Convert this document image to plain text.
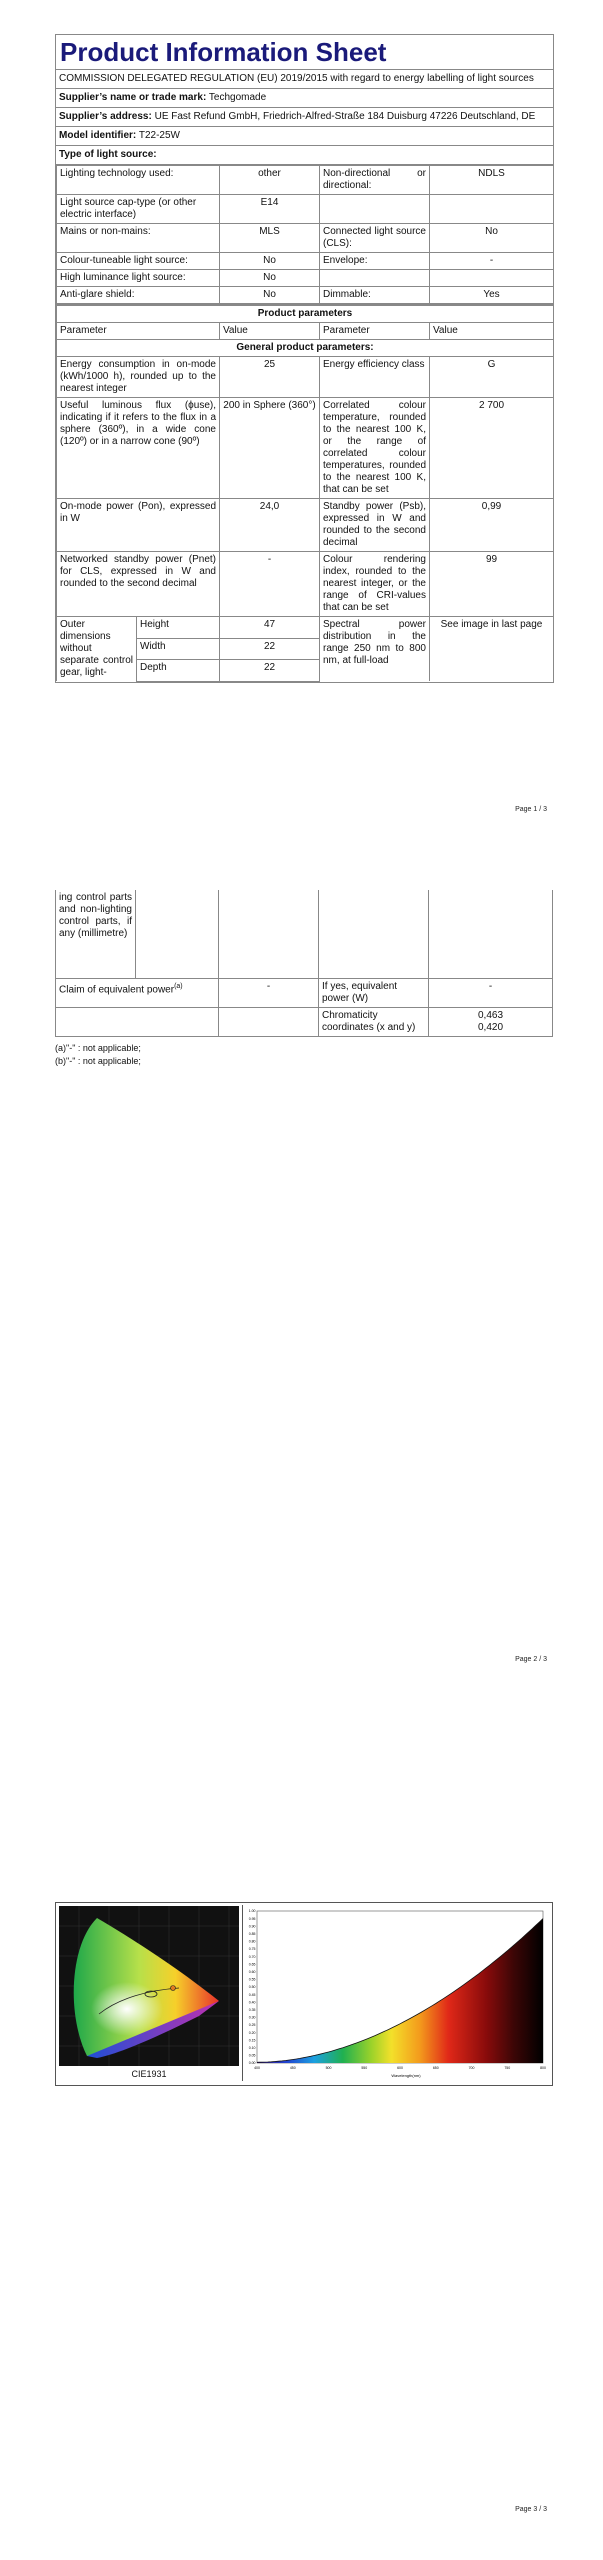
Product Information Sheet
COMMISSION DELEGATED REGULATION (EU) 2019/2015 with regard to energy labelling of light sources
Supplier’s name or trade mark: Techgomade
Supplier’s address: UE Fast Refund GmbH, Friedrich-Alfred-Straße 184 Duisburg 47226 Deutschland, DE
Model identifier: T22-25W
Type of light source:
Lighting technology used:	other	Non-directional or directional:	NDLS
Light source cap-type (or other electric interface)	E14		
Mains or non-mains:	MLS	Connected light source (CLS):	No
Colour-tuneable light source:	No	Envelope:	-
High luminance light source:	No		
Anti-glare shield:	No	Dimmable:	Yes
Product parameters				
Parameter		Value	Parameter	Value
General product parameters:				
Energy consumption in on-mode (kWh/1000 h), rounded up to the nearest integer		25	Energy efficiency class	G
Useful luminous flux (ϕuse), indicating if it refers to the flux in a sphere (360º), in a wide cone (120º) or in a narrow cone (90º)		200 in Sphere (360°)	Correlated colour temperature, rounded to the nearest 100 K, or the range of correlated colour temperatures, rounded to the nearest 100 K, that can be set	2 700
On-mode power (Pon), expressed in W		24,0	Standby power (Psb), expressed in W and rounded to the second decimal	0,99
Networked standby power (Pnet) for CLS, expressed in W and rounded to the second decimal		-	Colour rendering index, rounded to the nearest integer, or the range of CRI-values that can be set	99
Outer dimensions without separate control gear, light-	Height	47	Spectral power distribution in the range 250 nm to 800 nm, at full-load	See image in last page
	Width	22		
	Depth	22		
Page 1 / 3
ing control parts and non-lighting control parts, if any (millimetre)				
Claim of equivalent power$^{(a)}$		-	If yes, equivalent power (W)	-
			Chromaticity coordinates (x and y)	0,463
0,420
(a)"-" : not applicable;
(b)"-" : not applicable;
Page 2 / 3
CIE1931
1.00
0.95
0.90
0.85
0.80
0.75
0.70
0.65
0.60
0.55
0.50
0.45
0.40
0.35
0.30
0.25
0.20
0.15
0.10
0.05
0.00
400	450	500	550	600	650	700	750	800
Wavelength(nm)
Page 3 / 3
